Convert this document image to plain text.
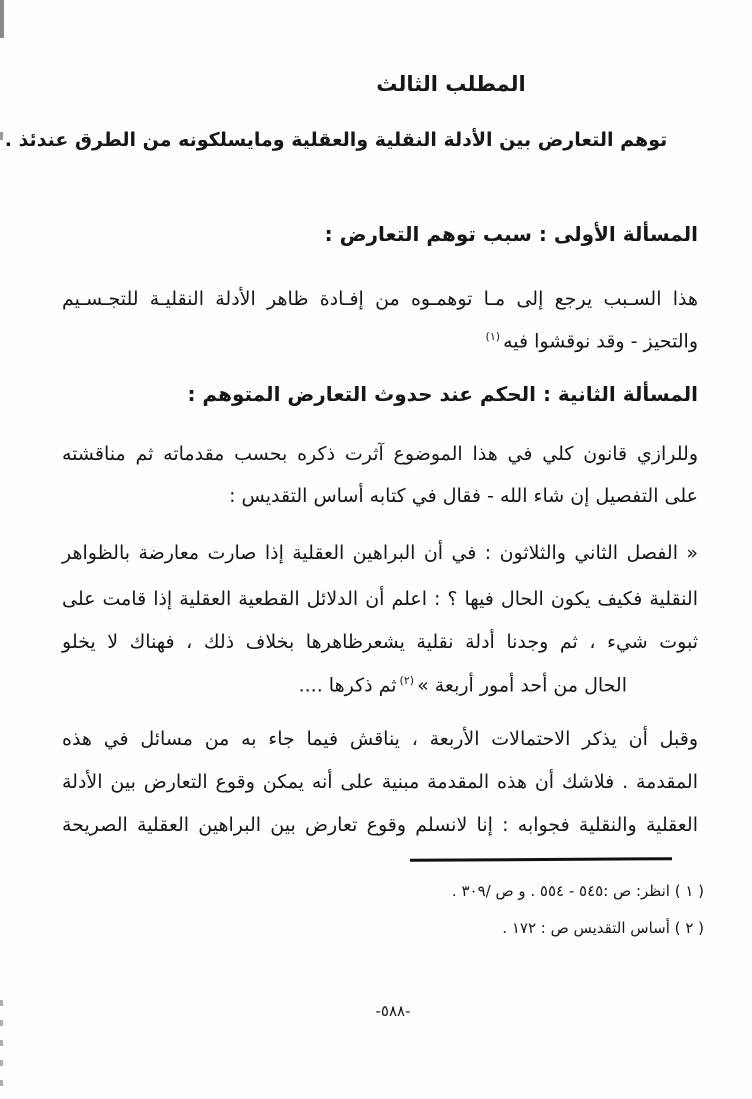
المطلب الثالث
توهم التعارض بين الأدلة النقلية والعقلية ومايسلكونه من الطرق عندئذ .
المسألة الأولى : سبب توهم التعارض :
هذا السـبب يرجع إلى مـا توهمـوه من إفـادة ظاهر الأدلة النقليـة للتجـسـيم
والتحيز - وقد نوقشوا فيه$^{(١)}$
المسألة الثانية : الحكم عند حدوث التعارض المتوهم :
وللرازي قانون كلي في هذا الموضوع آثرت ذكره بحسب مقدماته ثم مناقشته
على التفصيل إن شاء الله - فقال في كتابه أساس التقديس :
« الفصل الثاني والثلاثون : في أن البراهين العقلية إذا صارت معارضة بالظواهر
النقلية فكيف يكون الحال فيها ؟ : اعلم أن الدلائل القطعية العقلية إذا قامت على
ثبوت شيء ، ثم وجدنا أدلة نقلية يشعرظاهرها بخلاف ذلك ، فهناك لا يخلو
الحال من أحد أمور أربعة »$^{(٢)}$ثم ذكرها ....
وقبل أن يذكر الاحتمالات الأربعة ، يناقش فيما جاء به من مسائل في هذه
المقدمة . فلاشك أن هذه المقدمة مبنية على أنه يمكن وقوع التعارض بين الأدلة
العقلية والنقلية فجوابه : إنا لانسلم وقوع تعارض بين البراهين العقلية الصريحة
( ١ ) انظر: ص :٥٤٥ - ٥٥٤ . و ص /٣٠٩ .
( ٢ ) أساس التقديس ص : ١٧٢ .
-٥٨٨-
